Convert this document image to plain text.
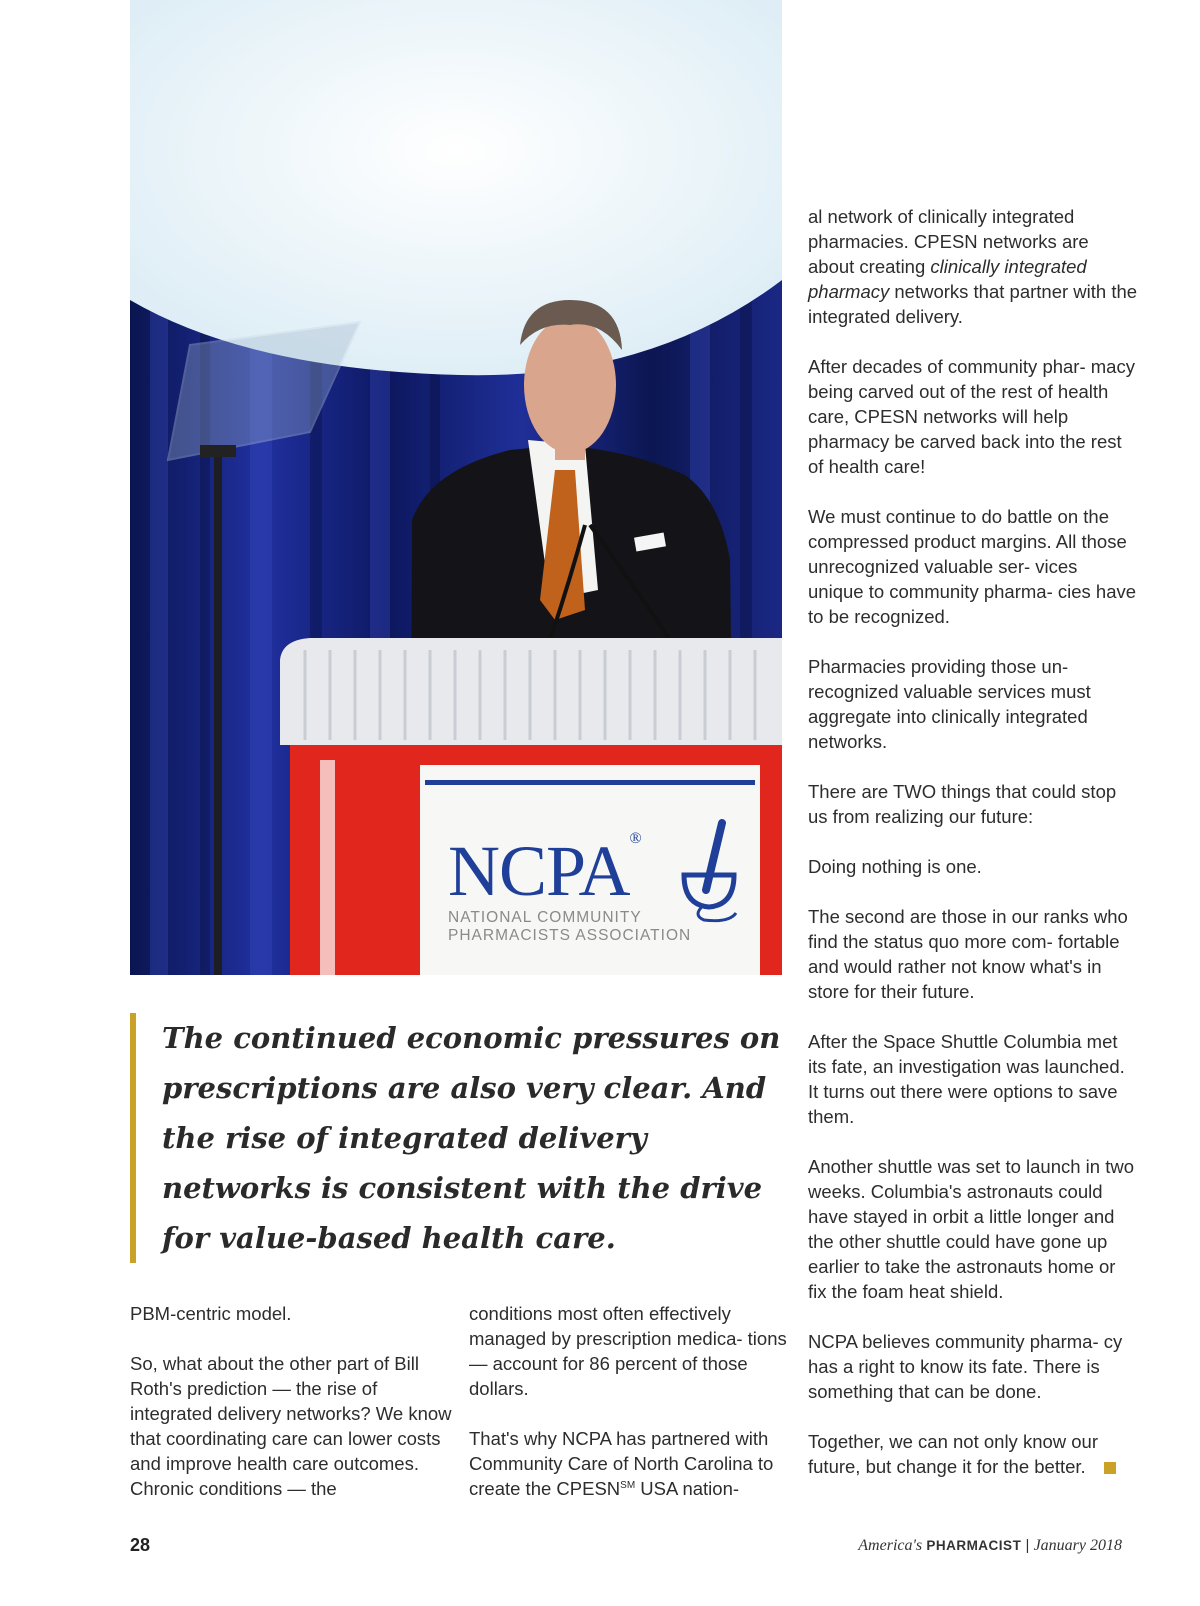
NCPA®
NATIONAL COMMUNITY
PHARMACISTS ASSOCIATION

al network of clinically integrated pharmacies. CPESN networks are about creating clinically integrated pharmacy networks that partner with the integrated delivery.

After decades of community phar- macy being carved out of the rest of health care, CPESN networks will help pharmacy be carved back into the rest of health care!

We must continue to do battle on the compressed product margins. All those unrecognized valuable ser- vices unique to community pharma- cies have to be recognized.

Pharmacies providing those un- recognized valuable services must aggregate into clinically integrated networks.

There are TWO things that could stop us from realizing our future:

Doing nothing is one.

The second are those in our ranks who find the status quo more com- fortable and would rather not know what's in store for their future.

After the Space Shuttle Columbia met its fate, an investigation was launched. It turns out there were options to save them.

Another shuttle was set to launch in two weeks. Columbia's astronauts could have stayed in orbit a little longer and the other shuttle could have gone up earlier to take the astronauts home or fix the foam heat shield.

NCPA believes community pharma- cy has a right to know its fate. There is something that can be done.

Together, we can not only know our future, but change it for the better.

The continued economic pressures on prescriptions are also very clear. And the rise of integrated delivery networks is consistent with the drive for value-based health care.

PBM-centric model.

So, what about the other part of Bill Roth's prediction — the rise of integrated delivery networks? We know that coordinating care can lower costs and improve health care outcomes. Chronic conditions — the

conditions most often effectively managed by prescription medica- tions — account for 86 percent of those dollars.

That's why NCPA has partnered with Community Care of North Carolina to create the CPESN℠ USA nation-

28	America's PHARMACIST | January 2018
